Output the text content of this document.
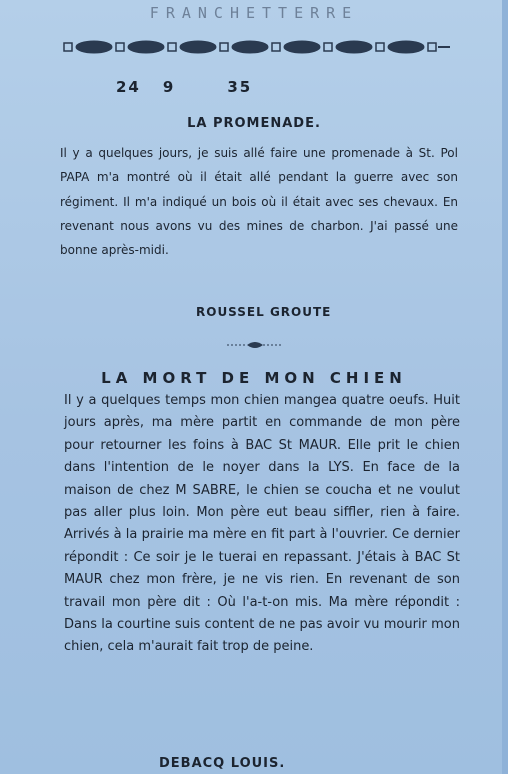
FRANCHETTERRE
24 9	35
LA PROMENADE.
Il y a quelques jours, je suis allé faire une promenade à St. Pol PAPA m'a montré où il était allé pendant la guerre avec son régiment. Il m'a indiqué un bois où il était avec ses chevaux. En revenant nous avons vu des mines de charbon. J'ai passé une bonne après-midi.
ROUSSEL GROUTE
LA MORT DE MON CHIEN
Il y a quelques temps mon chien mangea quatre oeufs. Huit jours après, ma mère partit en commande de mon père pour retourner les foins à BAC St MAUR. Elle prit le chien dans l'intention de le noyer dans la LYS. En face de la maison de chez M SABRE, le chien se coucha et ne voulut pas aller plus loin. Mon père eut beau siffler, rien à faire. Arrivés à la prairie ma mère en fit part à l'ouvrier. Ce dernier répondit : Ce soir je le tuerai en repassant. J'étais à BAC St MAUR chez mon frère, je ne vis rien. En revenant de son travail mon père dit : Où l'a-t-on mis. Ma mère répondit : Dans la courtine suis content de ne pas avoir vu mourir mon chien, cela m'aurait fait trop de peine.
DEBACQ LOUIS.
